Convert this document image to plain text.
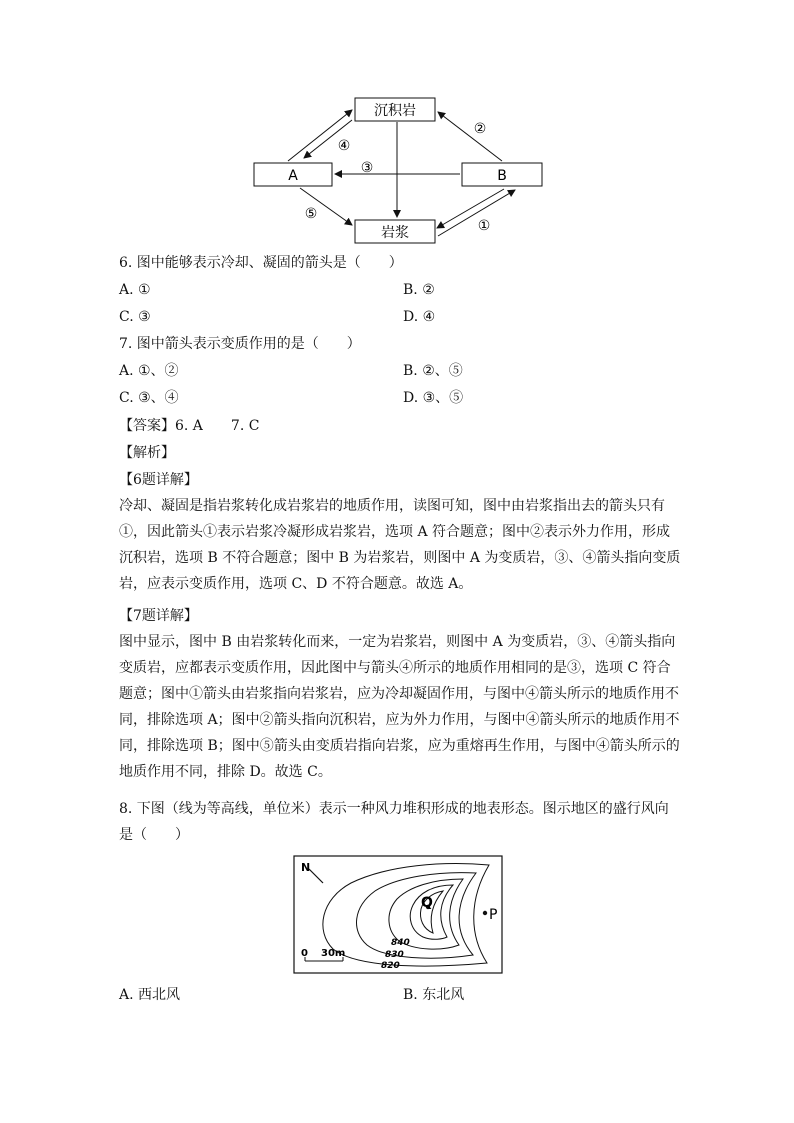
沉积岩
A	B
岩浆
②
④
③
⑤
①
6. 图中能够表示冷却、凝固的箭头是（　　）
A. ①	B. ②
C. ③	D. ④
7. 图中箭头表示变质作用的是（　　）
A. ①、②	B. ②、⑤
C. ③、④	D. ③、⑤
【答案】6. A　　7. C
【解析】
【6题详解】
冷却、凝固是指岩浆转化成岩浆岩的地质作用，读图可知，图中由岩浆指出去的箭头只有
①，因此箭头①表示岩浆冷凝形成岩浆岩，选项 A 符合题意；图中②表示外力作用，形成
沉积岩，选项 B 不符合题意；图中 B 为岩浆岩，则图中 A 为变质岩，③、④箭头指向变质
岩，应表示变质作用，选项 C、D 不符合题意。故选 A。
【7题详解】
图中显示，图中 B 由岩浆转化而来，一定为岩浆岩，则图中 A 为变质岩，③、④箭头指向
变质岩，应都表示变质作用，因此图中与箭头④所示的地质作用相同的是③，选项 C 符合
题意；图中①箭头由岩浆指向岩浆岩，应为冷却凝固作用，与图中④箭头所示的地质作用不
同，排除选项 A；图中②箭头指向沉积岩，应为外力作用，与图中④箭头所示的地质作用不
同，排除选项 B；图中⑤箭头由变质岩指向岩浆，应为重熔再生作用，与图中④箭头所示的
地质作用不同，排除 D。故选 C。
8. 下图（线为等高线，单位米）表示一种风力堆积形成的地表形态。图示地区的盛行风向
是（　　）
N
Q
P
0 30m
840
830
820
A. 西北风	B. 东北风
